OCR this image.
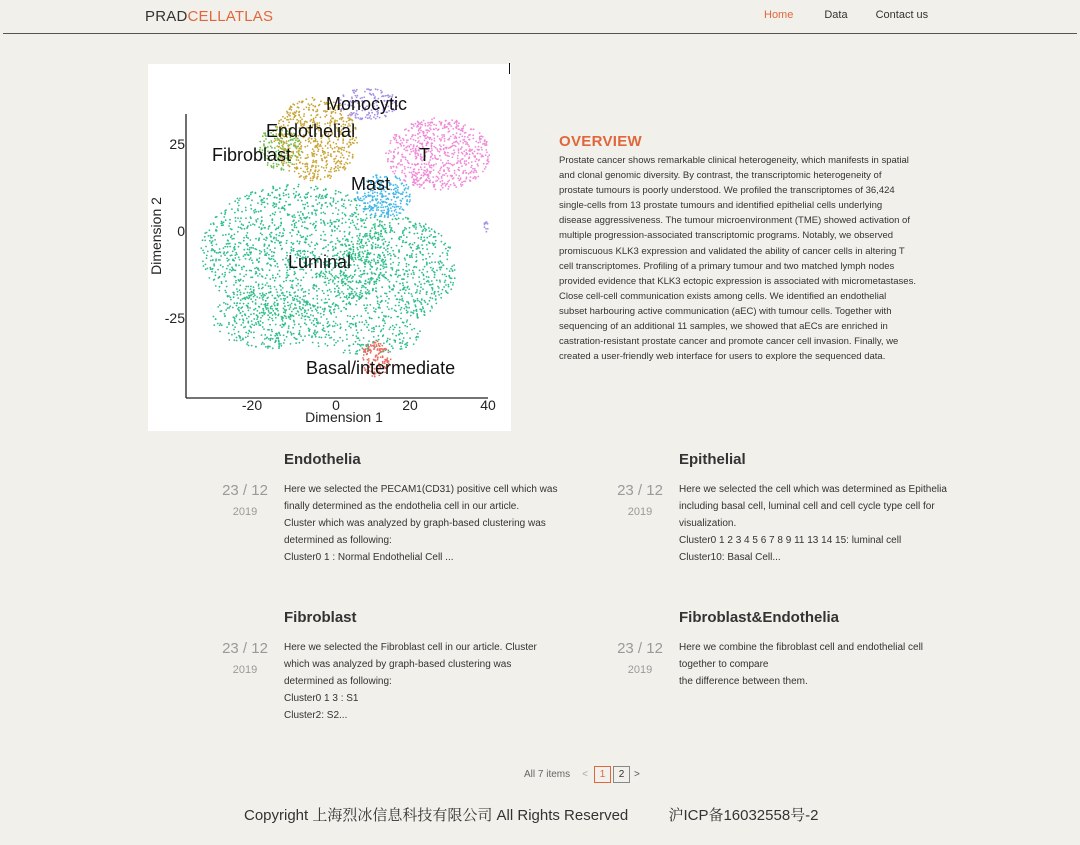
PRADCELLATLAS	Home	Data	Contact us
25
0
-25
-20	0	20	40
Dimension 1
Dimension 2
Monocytic
Endothelial
Fibroblast	T
Mast
Luminal
Basal/intermediate
OVERVIEW

Prostate cancer shows remarkable clinical heterogeneity, which manifests in spatial
and clonal genomic diversity. By contrast, the transcriptomic heterogeneity of
prostate tumours is poorly understood. We profiled the transcriptomes of 36,424
single-cells from 13 prostate tumours and identified epithelial cells underlying
disease aggressiveness. The tumour microenvironment (TME) showed activation of
multiple progression-associated transcriptomic programs. Notably, we observed
promiscuous KLK3 expression and validated the ability of cancer cells in altering T
cell transcriptomes. Profiling of a primary tumour and two matched lymph nodes
provided evidence that KLK3 ectopic expression is associated with micrometastases.
Close cell-cell communication exists among cells. We identified an endothelial
subset harbouring active communication (aEC) with tumour cells. Together with
sequencing of an additional 11 samples, we showed that aECs are enriched in
castration-resistant prostate cancer and promote cancer cell invasion. Finally, we
created a user-friendly web interface for users to explore the sequenced data.

Endothelia
23 / 12
2019
Here we selected the PECAM1(CD31) positive cell which was
finally determined as the endothelia cell in our article.
Cluster which was analyzed by graph-based clustering was
determined as following:
Cluster0 1 : Normal Endothelial Cell ...
Epithelial
23 / 12
2019
Here we selected the cell which was determined as Epithelia
including basal cell, luminal cell and cell cycle type cell for
visualization.
Cluster0 1 2 3 4 5 6 7 8 9 11 13 14 15: luminal cell
Cluster10: Basal Cell...
Fibroblast
23 / 12
2019
Here we selected the Fibroblast cell in our article. Cluster
which was analyzed by graph-based clustering was
determined as following:
Cluster0 1 3 : S1
Cluster2: S2...
Fibroblast&Endothelia
23 / 12
2019
Here we combine the fibroblast cell and endothelial cell
together to compare
the difference between them.
All 7 items <	1	2 >
Copyright 上海烈冰信息科技有限公司 All Rights Reserved	沪ICP备16032558号-2
